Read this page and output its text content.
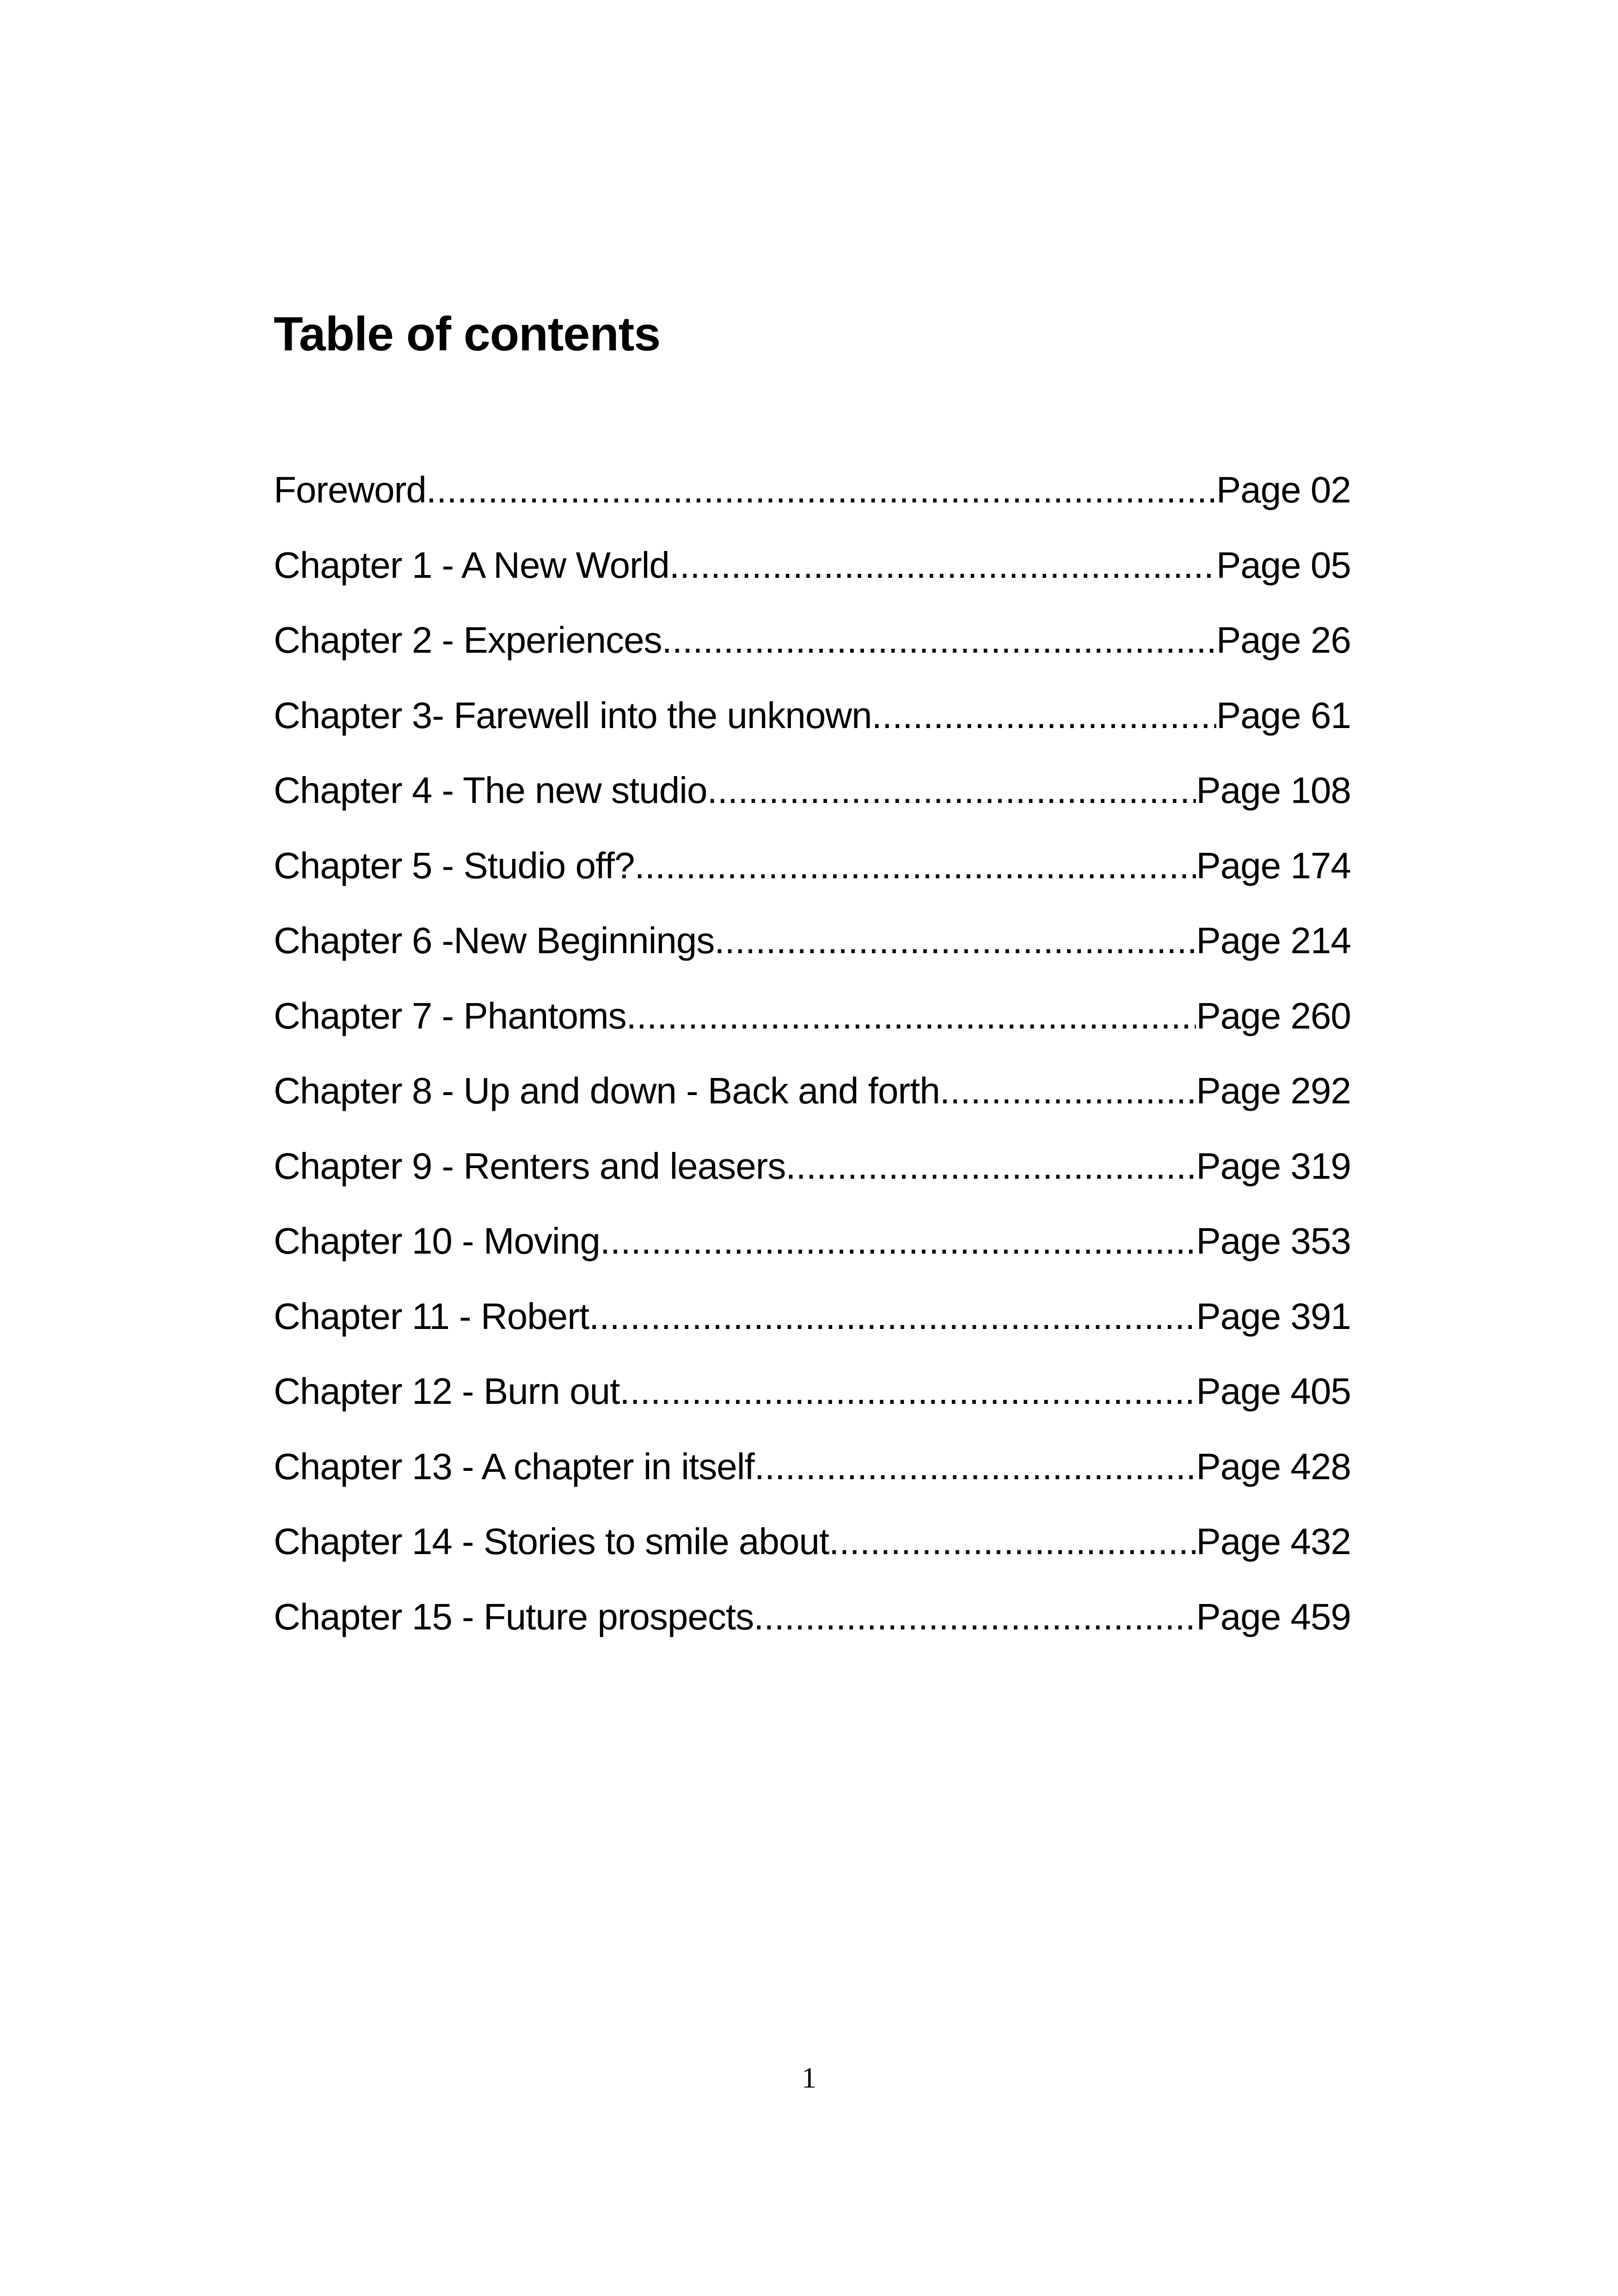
Table of contents
Foreword .....	Page 02
Chapter 1 - A New World .....	Page 05
Chapter 2 - Experiences .....	Page 26
Chapter 3- Farewell into the unknown .....	Page 61
Chapter 4 - The new studio .....	Page 108
Chapter 5 - Studio off? .....	Page 174
Chapter 6 -New Beginnings .....	Page 214
Chapter 7 - Phantoms .....	Page 260
Chapter 8 - Up and down - Back and forth .....	Page 292
Chapter 9 - Renters and leasers .....	Page 319
Chapter 10 - Moving .....	Page 353
Chapter 11 - Robert .....	Page 391
Chapter 12 - Burn out .....	Page 405
Chapter 13 - A chapter in itself .....	Page 428
Chapter 14 - Stories to smile about .....	Page 432
Chapter 15 - Future prospects .....	Page 459
1
